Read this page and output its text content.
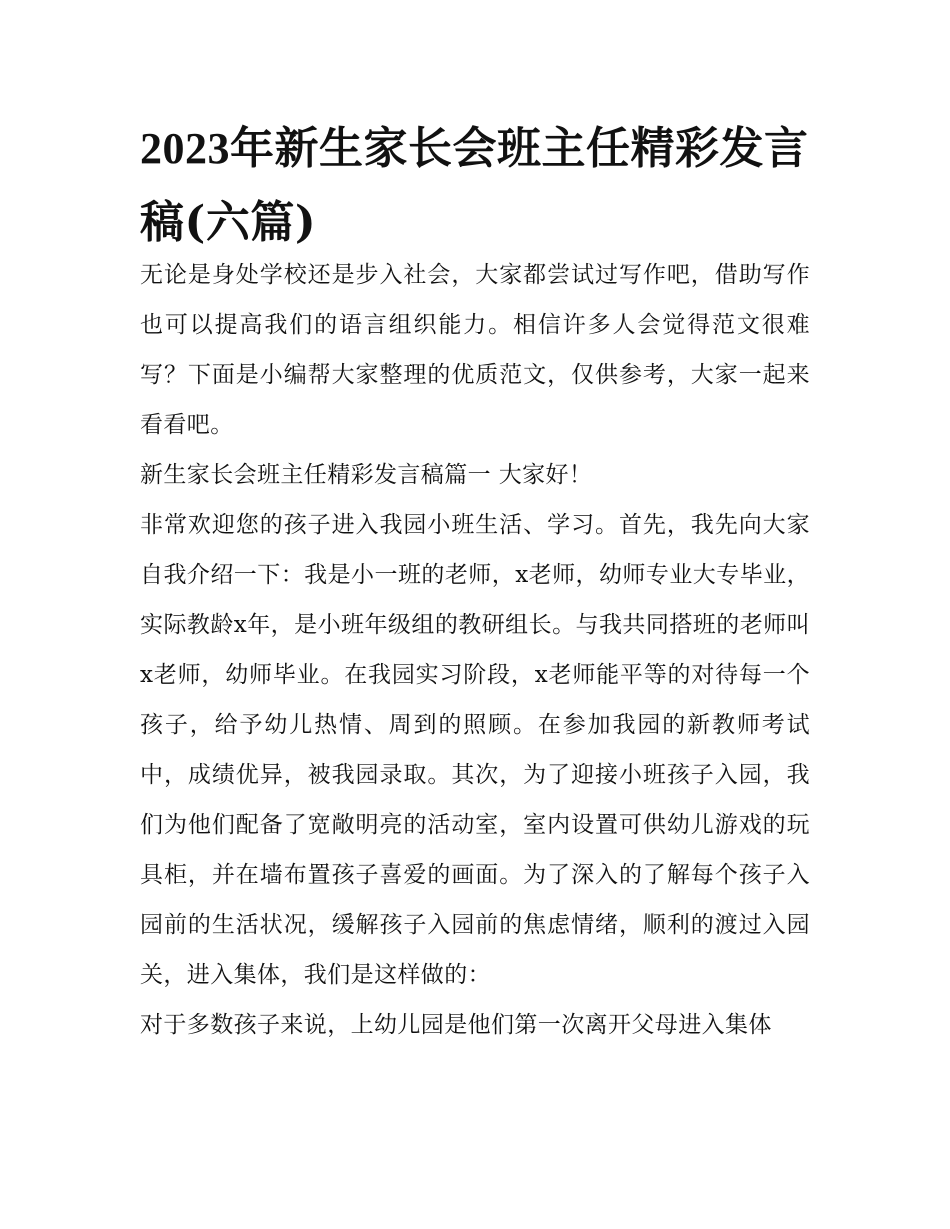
2023年新生家长会班主任精彩发言稿(六篇)

无论是身处学校还是步入社会，大家都尝试过写作吧，借助写作也可以提高我们的语言组织能力。相信许多人会觉得范文很难写？下面是小编帮大家整理的优质范文，仅供参考，大家一起来看看吧。

新生家长会班主任精彩发言稿篇一 大家好！

非常欢迎您的孩子进入我园小班生活、学习。首先，我先向大家自我介绍一下：我是小一班的老师，x老师，幼师专业大专毕业，实际教龄x年，是小班年级组的教研组长。与我共同搭班的老师叫x老师，幼师毕业。在我园实习阶段，x老师能平等的对待每一个孩子，给予幼儿热情、周到的照顾。在参加我园的新教师考试中，成绩优异，被我园录取。其次，为了迎接小班孩子入园，我们为他们配备了宽敞明亮的活动室，室内设置可供幼儿游戏的玩具柜，并在墙布置孩子喜爱的画面。为了深入的了解每个孩子入园前的生活状况，缓解孩子入园前的焦虑情绪，顺利的渡过入园关，进入集体，我们是这样做的：

对于多数孩子来说，上幼儿园是他们第一次离开父母进入集体
